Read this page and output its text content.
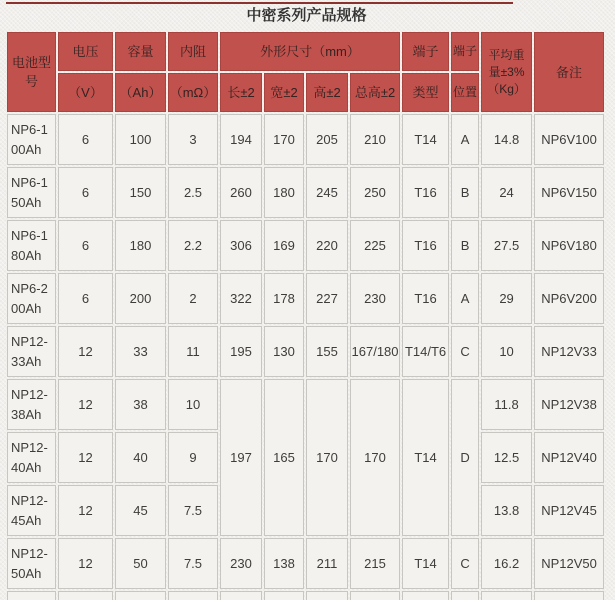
中密系列产品规格
电池型号	电压	容量	内阻	外形尺寸（mm）				端子	端子	平均重量±3%（Kg）	备注
	（V）	（Ah）	（mΩ）	长±2	宽±2	高±2	总高±2	类型	位置		
NP6-100Ah	6	100	3	194	170	205	210	T14	A	14.8	NP6V100
NP6-150Ah	6	150	2.5	260	180	245	250	T16	B	24	NP6V150
NP6-180Ah	6	180	2.2	306	169	220	225	T16	B	27.5	NP6V180
NP6-200Ah	6	200	2	322	178	227	230	T16	A	29	NP6V200
NP12-33Ah	12	33	11	195	130	155	167/180	T14/T6	C	10	NP12V33
NP12-38Ah	12	38	10	197	165	170	170	T14	D	11.8	NP12V38
NP12-40Ah	12	40	9							12.5	NP12V40
NP12-45Ah	12	45	7.5							13.8	NP12V45
NP12-50Ah	12	50	7.5	230	138	211	215	T14	C	16.2	NP12V50
